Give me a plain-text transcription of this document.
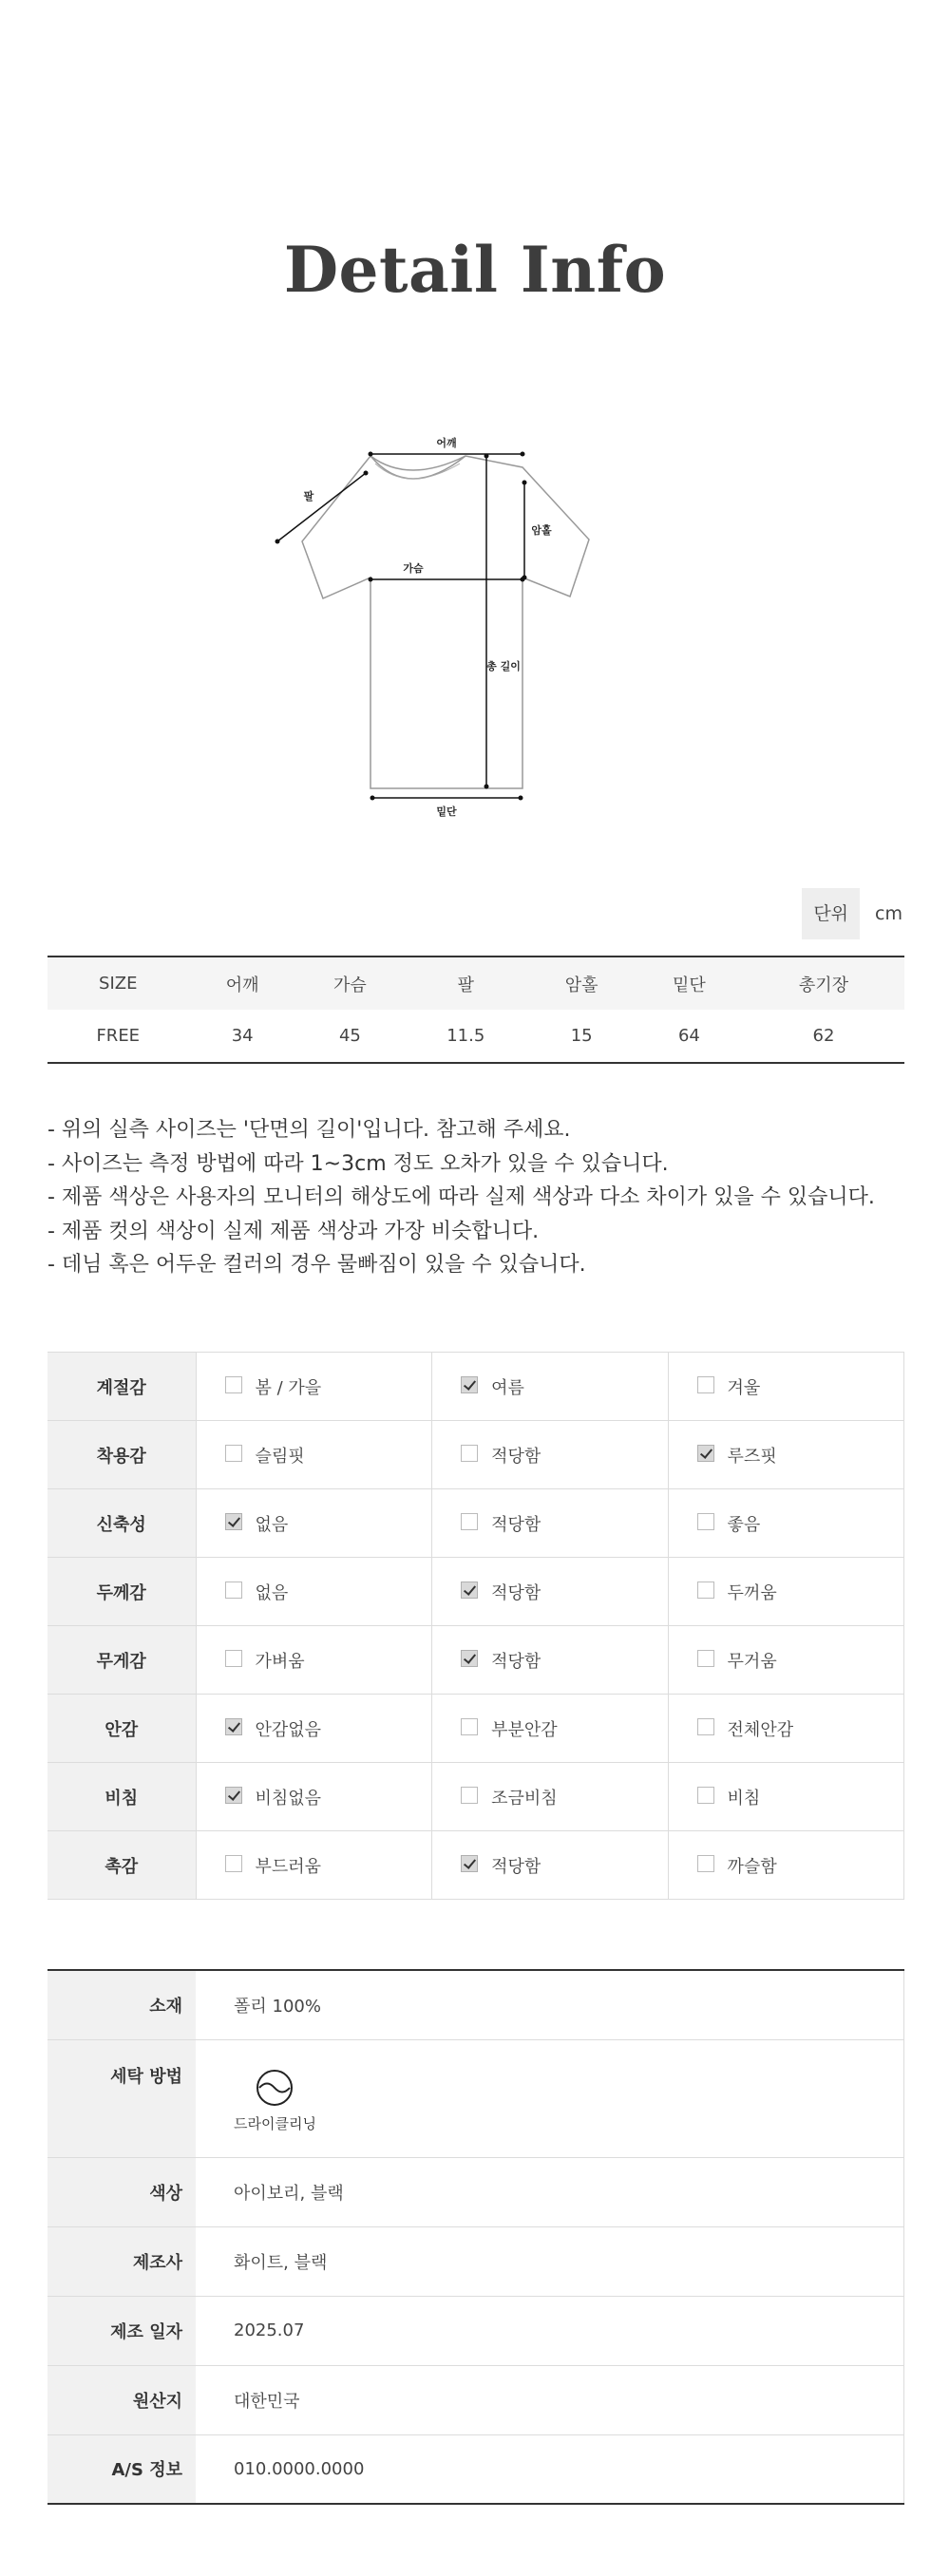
Detail Info
어깨
팔
암홀
가슴
총 길이
밑단
단위	cm
SIZE	어깨	가슴	팔	암홀	밑단	총기장
FREE	34	45	11.5	15	64	62
- 위의 실측 사이즈는 '단면의 길이'입니다. 참고해 주세요.
- 사이즈는 측정 방법에 따라 1~3cm 정도 오차가 있을 수 있습니다.
- 제품 색상은 사용자의 모니터의 해상도에 따라 실제 색상과 다소 차이가 있을 수 있습니다.
- 제품 컷의 색상이 실제 제품 색상과 가장 비슷합니다.
- 데님 혹은 어두운 컬러의 경우 물빠짐이 있을 수 있습니다.
계절감	봄 / 가을	여름	겨울
착용감	슬림핏	적당함	루즈핏
신축성	없음	적당함	좋음
두께감	없음	적당함	두꺼움
무게감	가벼움	적당함	무거움
안감	안감없음	부분안감	전체안감
비침	비침없음	조금비침	비침
촉감	부드러움	적당함	까슬함
소재	폴리 100%
세탁 방법	드라이클리닝

색상	아이보리, 블랙
제조사	화이트, 블랙
제조 일자	2025.07
원산지	대한민국
A/S 정보	010.0000.0000
